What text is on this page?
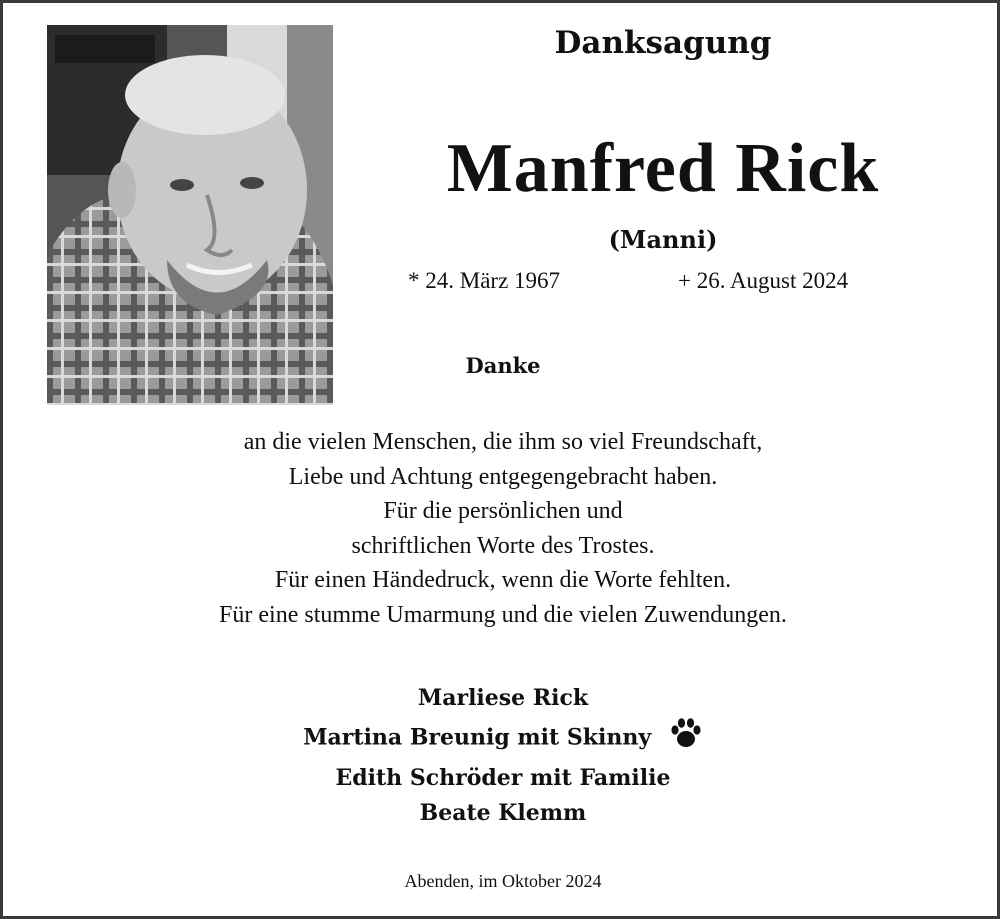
Danksagung
Manfred Rick
(Manni)
* 24. März 1967	+ 26. August 2024
Danke
an die vielen Menschen, die ihm so viel Freundschaft,
Liebe und Achtung entgegengebracht haben.
Für die persönlichen und
schriftlichen Worte des Trostes.
Für einen Händedruck, wenn die Worte fehlten.
Für eine stumme Umarmung und die vielen Zuwendungen.
Marliese Rick
Martina Breunig mit Skinny
Edith Schröder mit Familie
Beate Klemm
Abenden, im Oktober 2024
